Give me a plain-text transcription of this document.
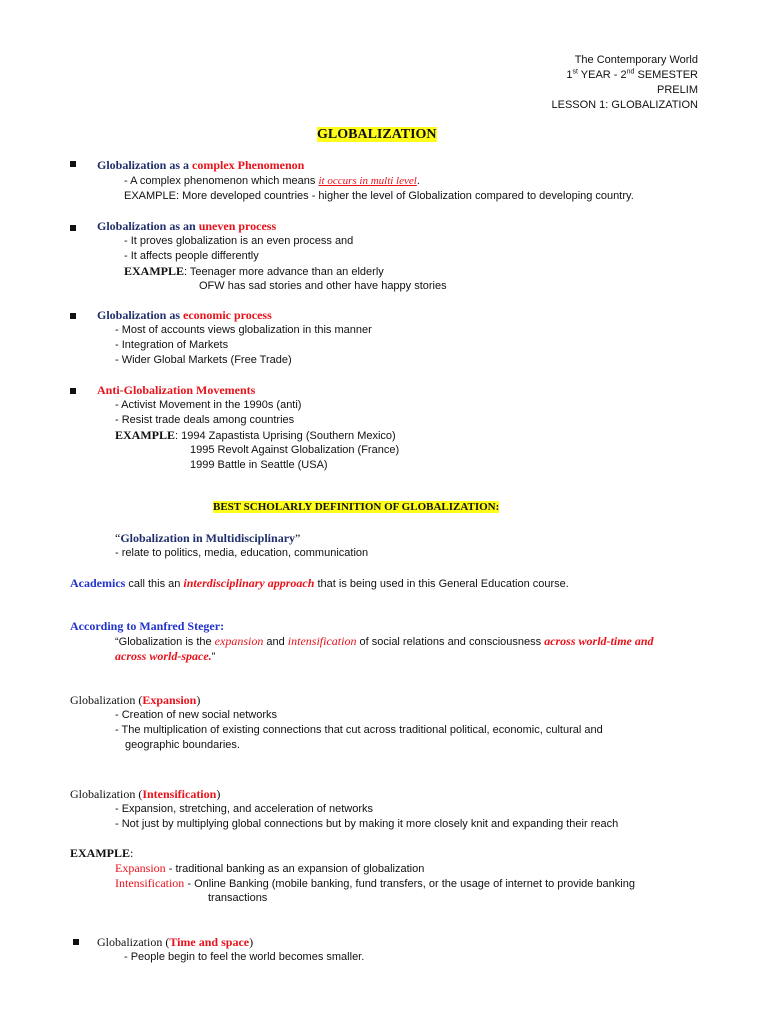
The Contemporary World
1st YEAR - 2nd SEMESTER
PRELIM
LESSON 1: GLOBALIZATION
GLOBALIZATION
Globalization as a complex Phenomenon
- A complex phenomenon which means it occurs in multi level.
EXAMPLE: More developed countries - higher the level of Globalization compared to developing country.
Globalization as an uneven process
- It proves globalization is an even process and
- It affects people differently
EXAMPLE: Teenager more advance than an elderly
OFW has sad stories and other have happy stories
Globalization as economic process
- Most of accounts views globalization in this manner
- Integration of Markets
- Wider Global Markets (Free Trade)
Anti-Globalization Movements
- Activist Movement in the 1990s (anti)
- Resist trade deals among countries
EXAMPLE: 1994 Zapastista Uprising (Southern Mexico)
1995 Revolt Against Globalization (France)
1999 Battle in Seattle (USA)
BEST SCHOLARLY DEFINITION OF GLOBALIZATION:
“Globalization in Multidisciplinary”
- relate to politics, media, education, communication
Academics call this an interdisciplinary approach that is being used in this General Education course.
According to Manfred Steger:
“Globalization is the expansion and intensification of social relations and consciousness across world-time and
across world-space.”
Globalization (Expansion)
- Creation of new social networks
- The multiplication of existing connections that cut across traditional political, economic, cultural and
geographic boundaries.
Globalization (Intensification)
- Expansion, stretching, and acceleration of networks
- Not just by multiplying global connections but by making it more closely knit and expanding their reach
EXAMPLE:
Expansion - traditional banking as an expansion of globalization
Intensification - Online Banking (mobile banking, fund transfers, or the usage of internet to provide banking
transactions
Globalization (Time and space)
- People begin to feel the world becomes smaller.
